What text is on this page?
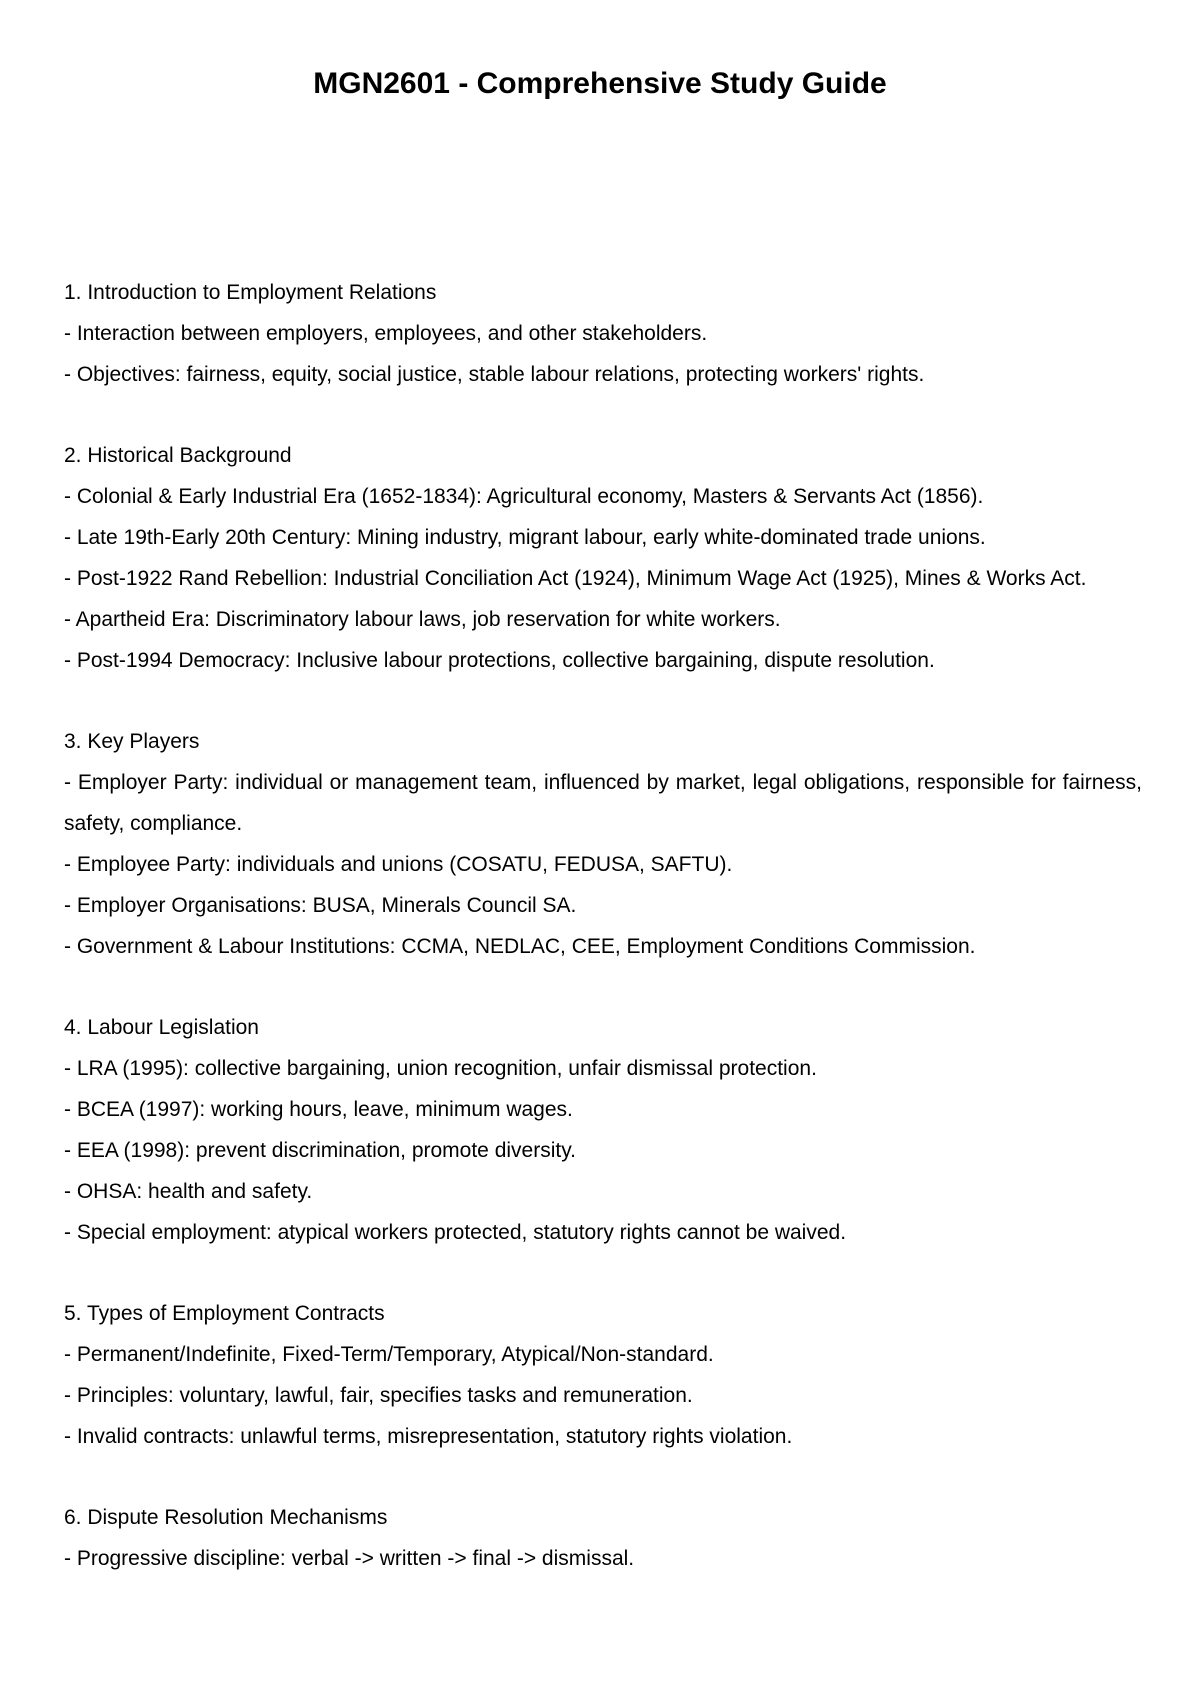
MGN2601 - Comprehensive Study Guide

1. Introduction to Employment Relations

- Interaction between employers, employees, and other stakeholders.

- Objectives: fairness, equity, social justice, stable labour relations, protecting workers' rights.

2. Historical Background

- Colonial & Early Industrial Era (1652-1834): Agricultural economy, Masters & Servants Act (1856).

- Late 19th-Early 20th Century: Mining industry, migrant labour, early white-dominated trade unions.

- Post-1922 Rand Rebellion: Industrial Conciliation Act (1924), Minimum Wage Act (1925), Mines & Works Act.

- Apartheid Era: Discriminatory labour laws, job reservation for white workers.

- Post-1994 Democracy: Inclusive labour protections, collective bargaining, dispute resolution.

3. Key Players

- Employer Party: individual or management team, influenced by market, legal obligations, responsible for fairness, safety, compliance.

- Employee Party: individuals and unions (COSATU, FEDUSA, SAFTU).

- Employer Organisations: BUSA, Minerals Council SA.

- Government & Labour Institutions: CCMA, NEDLAC, CEE, Employment Conditions Commission.

4. Labour Legislation

- LRA (1995): collective bargaining, union recognition, unfair dismissal protection.

- BCEA (1997): working hours, leave, minimum wages.

- EEA (1998): prevent discrimination, promote diversity.

- OHSA: health and safety.

- Special employment: atypical workers protected, statutory rights cannot be waived.

5. Types of Employment Contracts

- Permanent/Indefinite, Fixed-Term/Temporary, Atypical/Non-standard.

- Principles: voluntary, lawful, fair, specifies tasks and remuneration.

- Invalid contracts: unlawful terms, misrepresentation, statutory rights violation.

6. Dispute Resolution Mechanisms

- Progressive discipline: verbal -> written -> final -> dismissal.
